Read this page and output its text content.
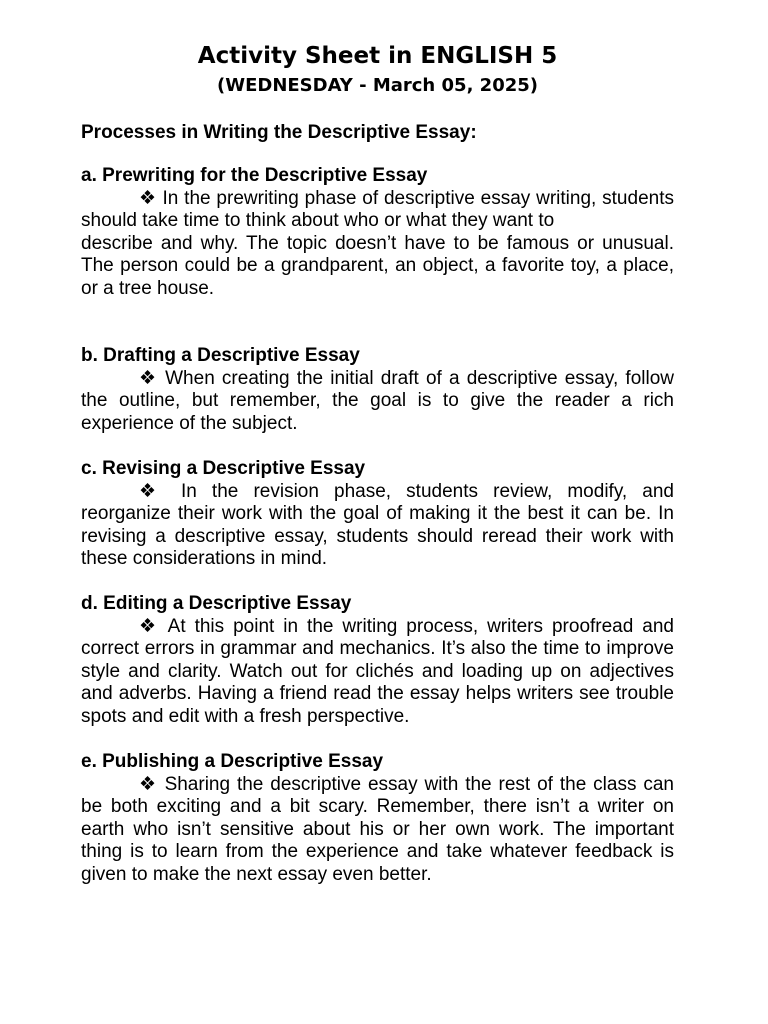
Activity Sheet in ENGLISH 5
(WEDNESDAY - March 05, 2025)
Processes in Writing the Descriptive Essay:
a. Prewriting for the Descriptive Essay

❖ In the prewriting phase of descriptive essay writing, students should take time to think about who or what they want to

describe and why. The topic doesn’t have to be famous or unusual. The person could be a grandparent, an object, a favorite toy, a place, or a tree house.

b. Drafting a Descriptive Essay

❖ When creating the initial draft of a descriptive essay, follow the outline, but remember, the goal is to give the reader a rich experience of the subject.

c. Revising a Descriptive Essay

❖ In the revision phase, students review, modify, and reorganize their work with the goal of making it the best it can be. In revising a descriptive essay, students should reread their work with these considerations in mind.

d. Editing a Descriptive Essay

❖ At this point in the writing process, writers proofread and correct errors in grammar and mechanics. It’s also the time to improve style and clarity. Watch out for clichés and loading up on adjectives and adverbs. Having a friend read the essay helps writers see trouble spots and edit with a fresh perspective.

e. Publishing a Descriptive Essay

❖ Sharing the descriptive essay with the rest of the class can be both exciting and a bit scary. Remember, there isn’t a writer on earth who isn’t sensitive about his or her own work. The important thing is to learn from the experience and take whatever feedback is given to make the next essay even better.
